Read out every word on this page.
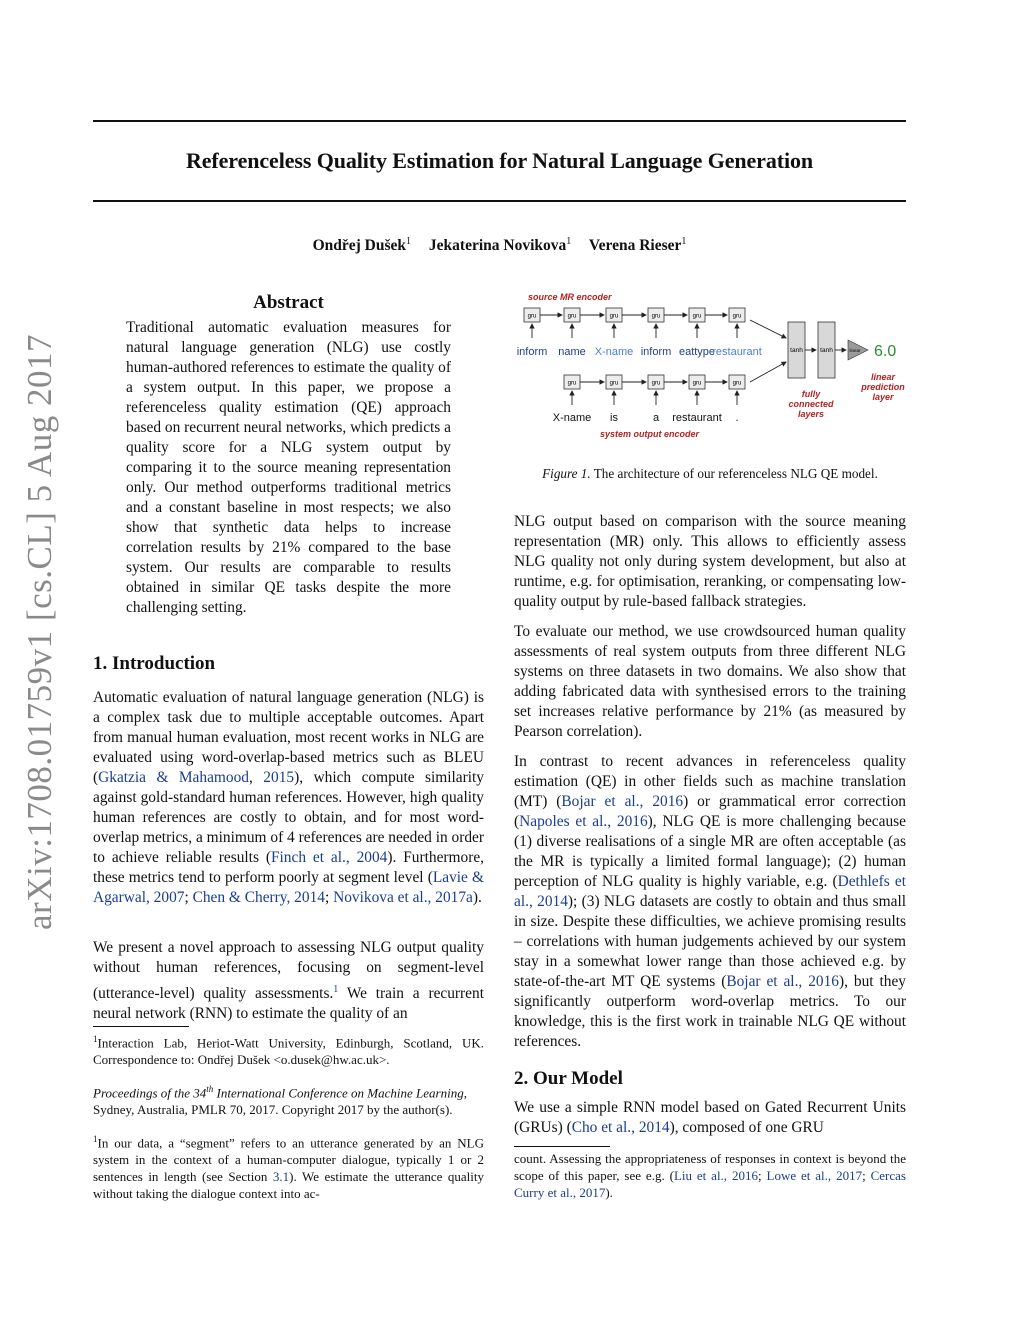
Referenceless Quality Estimation for Natural Language Generation
Ondřej Dušek$^1$ Jekaterina Novikova$^1$ Verena Rieser$^1$
arXiv:1708.01759v1 [cs.CL] 5 Aug 2017
Abstract
Traditional automatic evaluation measures for natural language generation (NLG) use costly human-authored references to estimate the quality of a system output. In this paper, we propose a referenceless quality estimation (QE) approach based on recurrent neural networks, which predicts a quality score for a NLG system output by comparing it to the source meaning representation only. Our method outperforms traditional metrics and a constant baseline in most respects; we also show that synthetic data helps to increase correlation results by 21% compared to the base system. Our results are comparable to results obtained in similar QE tasks despite the more challenging setting.
1. Introduction

Automatic evaluation of natural language generation (NLG) is a complex task due to multiple acceptable outcomes. Apart from manual human evaluation, most recent works in NLG are evaluated using word-overlap-based metrics such as BLEU (Gkatzia & Mahamood, 2015), which compute similarity against gold-standard human references. However, high quality human references are costly to obtain, and for most word-overlap metrics, a minimum of 4 references are needed in order to achieve reliable results (Finch et al., 2004). Furthermore, these metrics tend to perform poorly at segment level (Lavie & Agarwal, 2007; Chen & Cherry, 2014; Novikova et al., 2017a).

We present a novel approach to assessing NLG output quality without human references, focusing on segment-level (utterance-level) quality assessments.$^1$ We train a recurrent neural network (RNN) to estimate the quality of an

$^1$Interaction Lab, Heriot-Watt University, Edinburgh, Scotland, UK. Correspondence to: Ondřej Dušek <o.dusek@hw.ac.uk>.
Proceedings of the 34th International Conference on Machine Learning, Sydney, Australia, PMLR 70, 2017. Copyright 2017 by the author(s).
$^1$In our data, a “segment” refers to an utterance generated by an NLG system in the context of a human-computer dialogue, typically 1 or 2 sentences in length (see Section 3.1). We estimate the utterance quality without taking the dialogue context into ac-
source MR encoder
gru	gru	gru	gru	gru	gru
inform name X-name inform eattype
restaurant
gru	gru	gru	gru	gru
X-name is	a restaurant .
system output encoder
tanh	tanh	linear 6.0
fully
connected
layers
linear
prediction
layer
Figure 1. The architecture of our referenceless NLG QE model.

NLG output based on comparison with the source meaning representation (MR) only. This allows to efficiently assess NLG quality not only during system development, but also at runtime, e.g. for optimisation, reranking, or compensating low-quality output by rule-based fallback strategies.

To evaluate our method, we use crowdsourced human quality assessments of real system outputs from three different NLG systems on three datasets in two domains. We also show that adding fabricated data with synthesised errors to the training set increases relative performance by 21% (as measured by Pearson correlation).

In contrast to recent advances in referenceless quality estimation (QE) in other fields such as machine translation (MT) (Bojar et al., 2016) or grammatical error correction (Napoles et al., 2016), NLG QE is more challenging because (1) diverse realisations of a single MR are often acceptable (as the MR is typically a limited formal language); (2) human perception of NLG quality is highly variable, e.g. (Dethlefs et al., 2014); (3) NLG datasets are costly to obtain and thus small in size. Despite these difficulties, we achieve promising results – correlations with human judgements achieved by our system stay in a somewhat lower range than those achieved e.g. by state-of-the-art MT QE systems (Bojar et al., 2016), but they significantly outperform word-overlap metrics. To our knowledge, this is the first work in trainable NLG QE without references.

2. Our Model

We use a simple RNN model based on Gated Recurrent Units (GRUs) (Cho et al., 2014), composed of one GRU

count. Assessing the appropriateness of responses in context is beyond the scope of this paper, see e.g. (Liu et al., 2016; Lowe et al., 2017; Cercas Curry et al., 2017).
